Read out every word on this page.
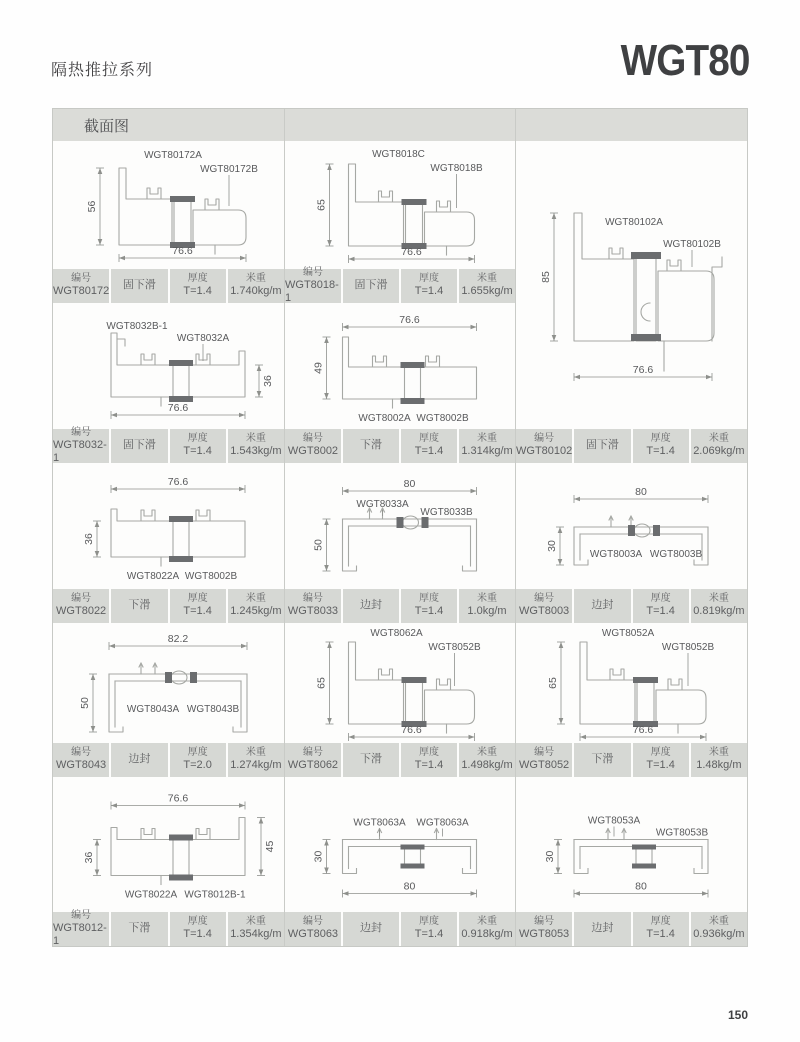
隔热推拉系列	WGT80
截面图
56
76.6
WGT80172A
WGT80172B
编号
WGT80172 固下滑
厚度
T=1.4
米重
1.740kg/m
65
76.6
WGT8018C
WGT8018B
编号
WGT8018-1
固下滑
厚度
T=1.4
米重
1.655kg/m
85
76.6
WGT80102A
WGT80102B
编号
WGT80102 固下滑
厚度
T=1.4
米重
2.069kg/m
76.6
36
WGT8032B-1
WGT8032A
编号
WGT8032-1
固下滑
厚度
T=1.4
米重
1.543kg/m
76.6
49
WGT8002A WGT8002B
编号
WGT8002 下滑
厚度
T=1.4
米重
1.314kg/m
76.6
36
WGT8022A WGT8002B
编号
WGT8022 下滑
厚度
T=1.4
米重
1.245kg/m
80
50
WGT8033A
WGT8033B
编号
WGT8033 边封
厚度
T=1.4
米重
1.0kg/m
80
30
WGT8003A WGT8003B
编号
WGT8003 边封
厚度
T=1.4
米重
0.819kg/m
82.2
50
WGT8043A WGT8043B
编号
WGT8043 边封
厚度
T=2.0
米重
1.274kg/m
65
76.6
WGT8062A
WGT8052B
编号
WGT8062 下滑
厚度
T=1.4
米重
1.498kg/m
65
76.6
WGT8052A
WGT8052B
编号
WGT8052 下滑
厚度
T=1.4
米重
1.48kg/m
76.6
36
45
WGT8022A WGT8012B-1
编号
WGT8012-1
下滑
厚度
T=1.4
米重
1.354kg/m
80
30
WGT8063A WGT8063A
编号
WGT8063 边封
厚度
T=1.4
米重
0.918kg/m
80
30
WGT8053A
WGT8053B
编号
WGT8053 边封
厚度
T=1.4
米重
0.936kg/m
150
